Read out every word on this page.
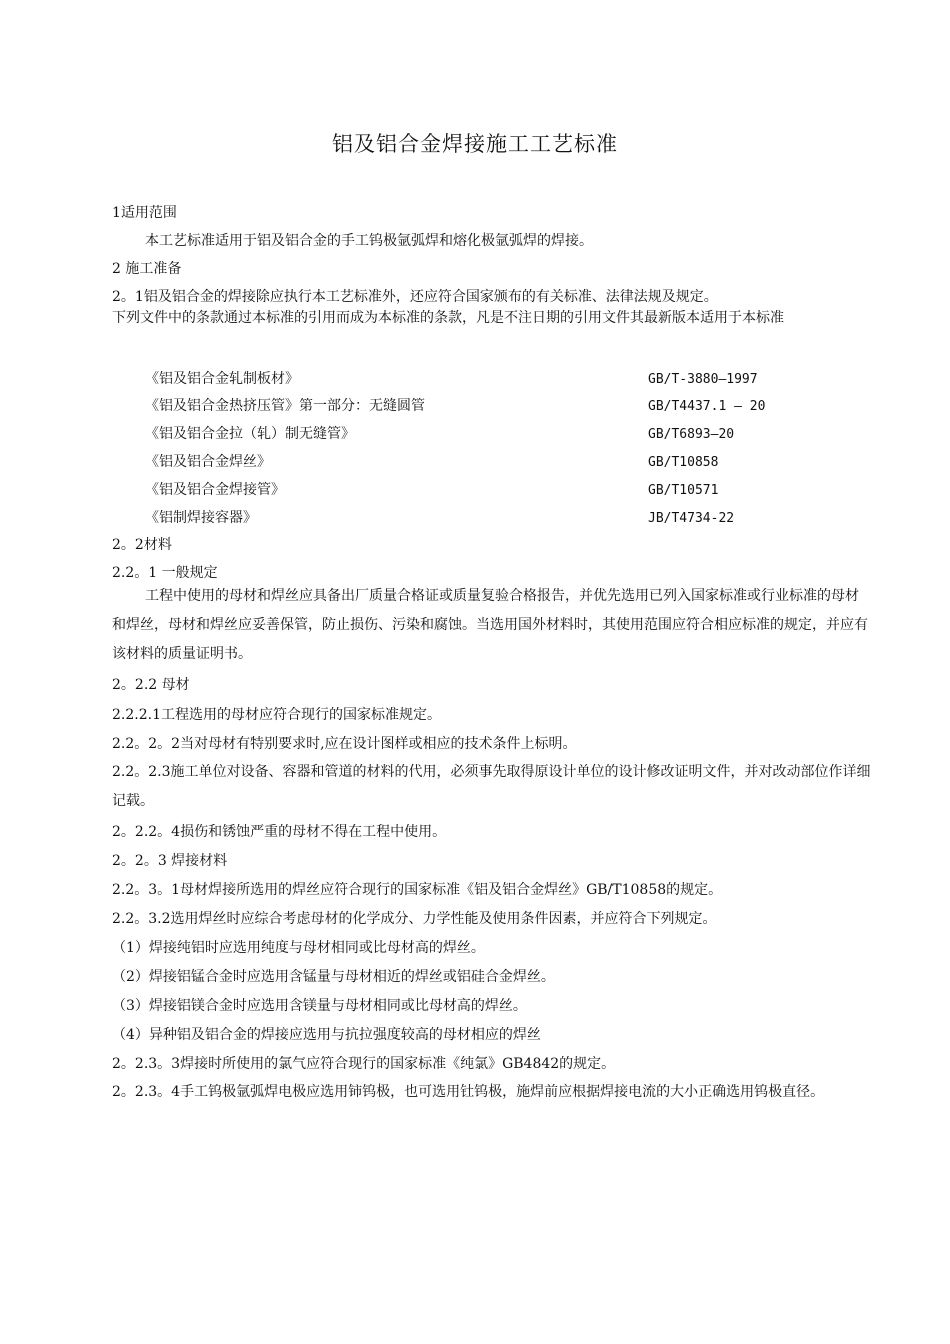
铝及铝合金焊接施工工艺标准
1适用范围
本工艺标准适用于铝及铝合金的手工钨极氩弧焊和熔化极氩弧焊的焊接。
2 施工准备
2。1铝及铝合金的焊接除应执行本工艺标准外，还应符合国家颁布的有关标准、法律法规及规定。
下列文件中的条款通过本标准的引用而成为本标准的条款，凡是不注日期的引用文件其最新版本适用于本标准
《铝及铝合金轧制板材》	GB/T-3880—1997
《铝及铝合金热挤压管》第一部分：无缝圆管	GB/T4437.1 — 20
《铝及铝合金拉（轧）制无缝管》	GB/T6893—20
《铝及铝合金焊丝》	GB/T10858
《铝及铝合金焊接管》	GB/T10571
《铝制焊接容器》	JB/T4734-22
2。2材料
2.2。1 一般规定
工程中使用的母材和焊丝应具备出厂质量合格证或质量复验合格报告，并优先选用已列入国家标准或行业标准的母材和焊丝，母材和焊丝应妥善保管，防止损伤、污染和腐蚀。当选用国外材料时，其使用范围应符合相应标准的规定，并应有该材料的质量证明书。
2。2.2 母材
2.2.2.1工程选用的母材应符合现行的国家标准规定。
2.2。2。2当对母材有特别要求时,应在设计图样或相应的技术条件上标明。
2.2。2.3施工单位对设备、容器和管道的材料的代用，必须事先取得原设计单位的设计修改证明文件，并对改动部位作详细记载。
2。2.2。4损伤和锈蚀严重的母材不得在工程中使用。
2。2。3 焊接材料
2.2。3。1母材焊接所选用的焊丝应符合现行的国家标准《铝及铝合金焊丝》GB/T10858的规定。
2.2。3.2选用焊丝时应综合考虑母材的化学成分、力学性能及使用条件因素，并应符合下列规定。
（1）焊接纯铝时应选用纯度与母材相同或比母材高的焊丝。
（2）焊接铝锰合金时应选用含锰量与母材相近的焊丝或铝硅合金焊丝。
（3）焊接铝镁合金时应选用含镁量与母材相同或比母材高的焊丝。
（4）异种铝及铝合金的焊接应选用与抗拉强度较高的母材相应的焊丝
2。2.3。3焊接时所使用的氯气应符合现行的国家标准《纯氯》GB4842的规定。
2。2.3。4手工钨极氩弧焊电极应选用铈钨极，也可选用钍钨极，施焊前应根据焊接电流的大小正确选用钨极直径。
